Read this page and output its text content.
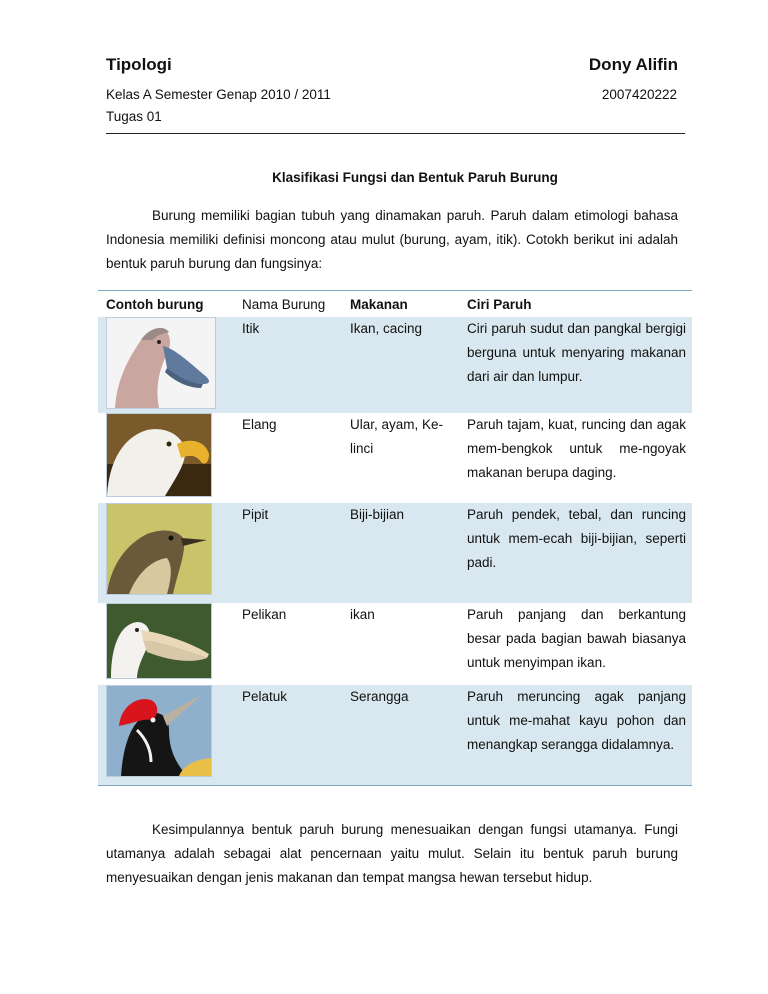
Tipologi	Dony Alifin
Kelas A Semester Genap 2010 / 2011	2007420222
Tugas 01
Klasifikasi Fungsi dan Bentuk Paruh Burung

Burung memiliki bagian tubuh yang dinamakan paruh. Paruh dalam etimologi bahasa Indonesia memiliki definisi moncong atau mulut (burung, ayam, itik). Cotokh berikut ini adalah bentuk paruh burung dan fungsinya:

Contoh burung	Nama Burung	Makanan	Ciri Paruh

	Itik	Ikan, cacing	Ciri paruh sudut dan pangkal bergigi berguna untuk menyaring makanan dari air dan lumpur.

	Elang	Ular, ayam, Ke-linci	Paruh tajam, kuat, runcing dan agak mem-bengkok untuk me-ngoyak makanan berupa daging.

	Pipit	Biji-bijian	Paruh pendek, tebal, dan runcing untuk mem-ecah biji-bijian, seperti padi.

	Pelikan	ikan	Paruh panjang dan berkantung besar pada bagian bawah biasanya untuk menyimpan ikan.

	Pelatuk	Serangga	Paruh meruncing agak panjang untuk me-mahat kayu pohon dan menangkap serangga didalamnya.

Kesimpulannya bentuk paruh burung menesuaikan dengan fungsi utamanya. Fungi utamanya adalah sebagai alat pencernaan yaitu mulut. Selain itu bentuk paruh burung menyesuaikan dengan jenis makanan dan tempat mangsa hewan tersebut hidup.
